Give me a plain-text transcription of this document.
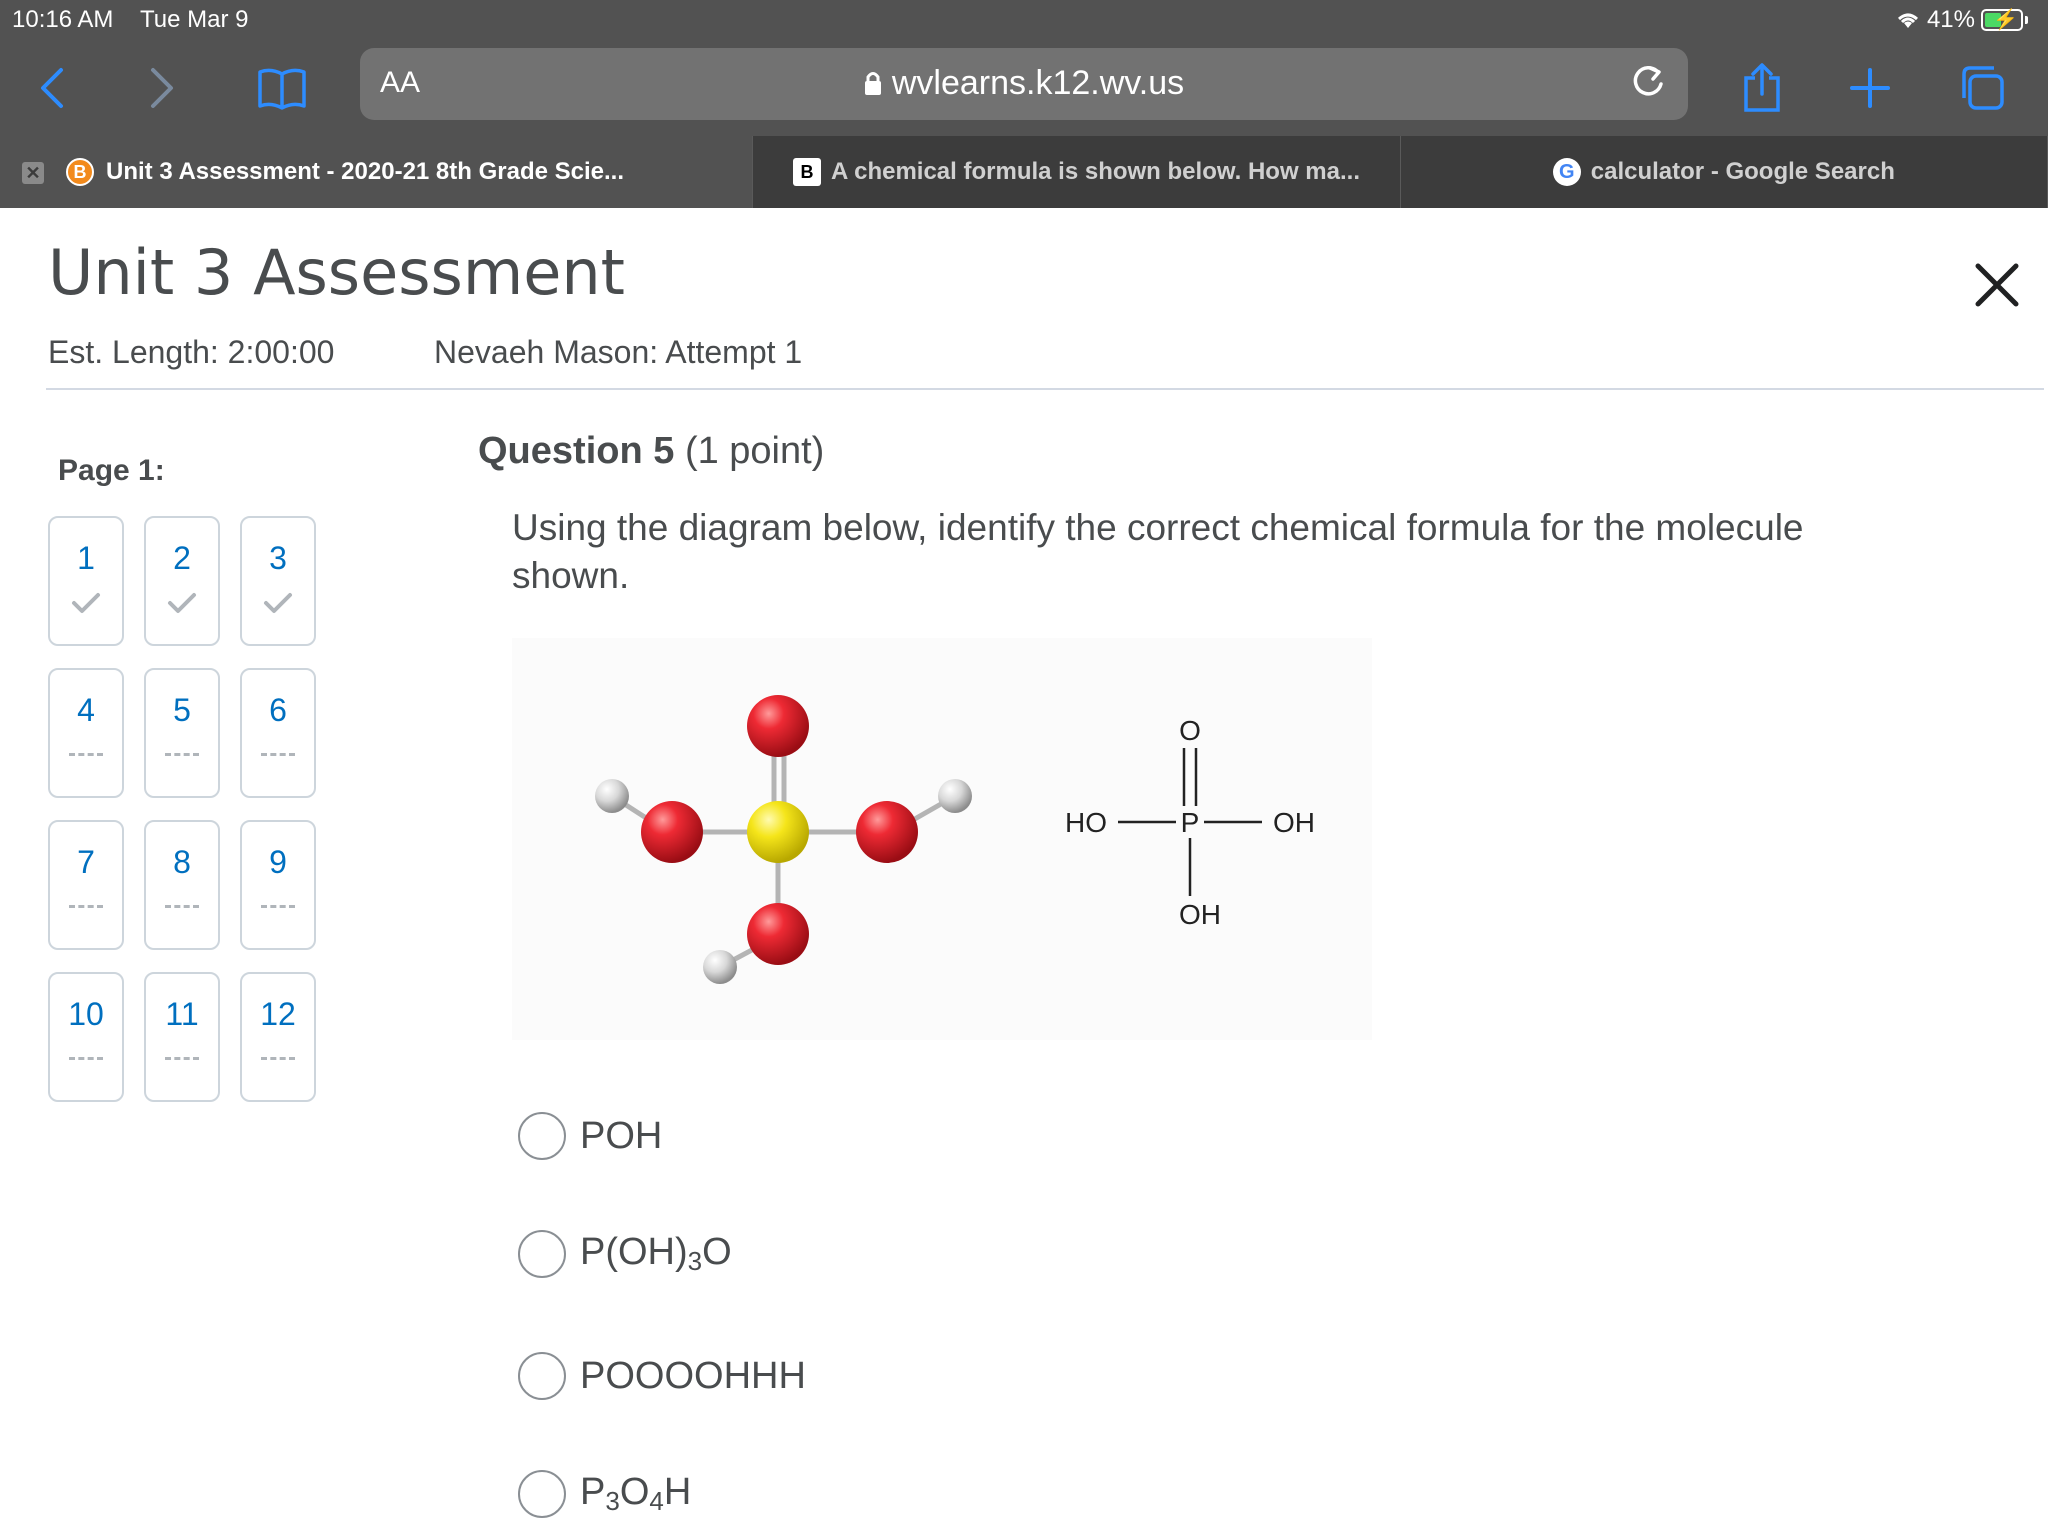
10:16 AM Tue Mar 9	41% ⚡
AA	wvlearns.k12.wv.us
✕	B Unit 3 Assessment - 2020-21 8th Grade Scie...	B A chemical formula is shown below. How ma...	G calculator - Google Search
Unit 3 Assessment
Est. Length: 2:00:00	Nevaeh Mason: Attempt 1
Page 1:
1	2	3
4	5	6
7	8	9
10	11	12
Question 5 (1 point)
Using the diagram below, identify the correct chemical formula for the molecule shown.
O
P
HO	OH
OH
POH
$P(OH)_3O$
POOOOHHH
$P_3O_4H$
